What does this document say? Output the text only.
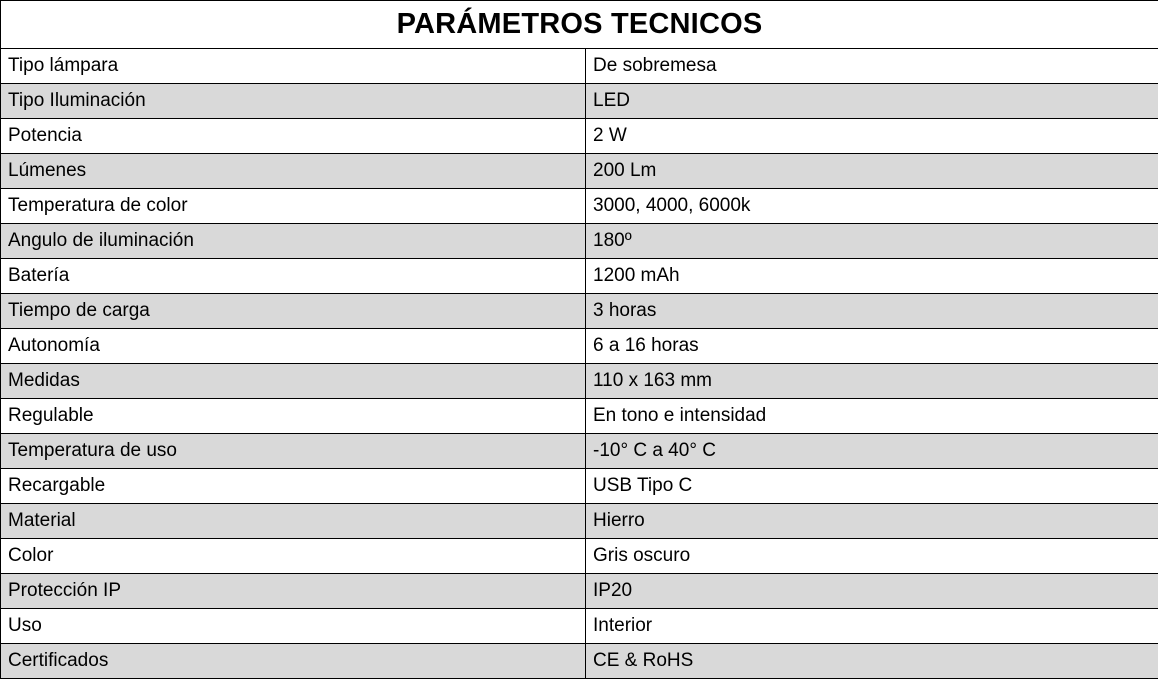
PARÁMETROS TECNICOS	
Tipo lámpara	De sobremesa
Tipo Iluminación	LED
Potencia	2 W
Lúmenes	200 Lm
Temperatura de color	3000, 4000, 6000k
Angulo de iluminación	180º
Batería	1200 mAh
Tiempo de carga	3 horas
Autonomía	6 a 16 horas
Medidas	110 x 163 mm
Regulable	En tono e intensidad
Temperatura de uso	-10° C a 40° C
Recargable	USB Tipo C
Material	Hierro
Color	Gris oscuro
Protección IP	IP20
Uso	Interior
Certificados	CE & RoHS
